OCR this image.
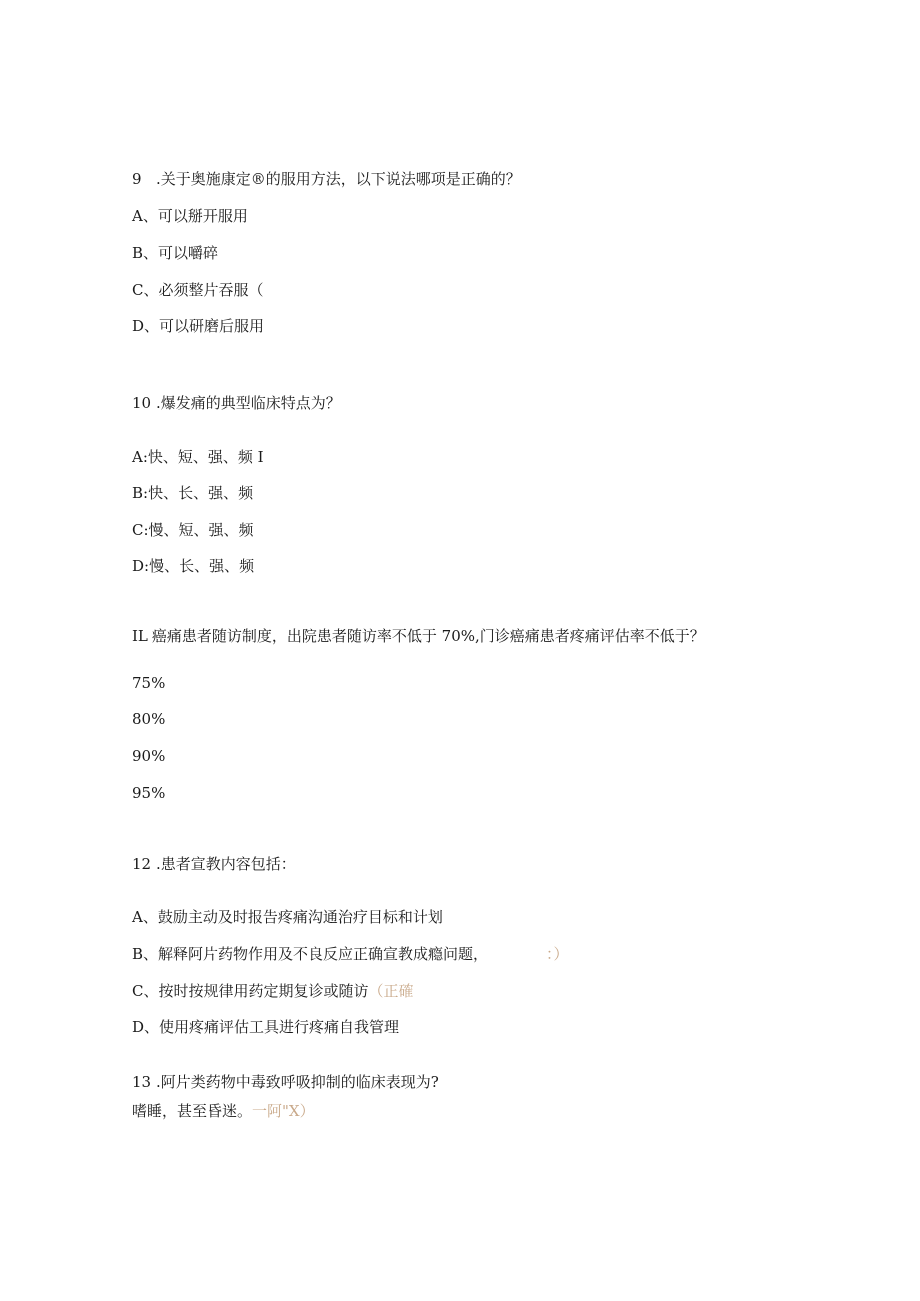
9 .关于奥施康定®的服用方法，以下说法哪项是正确的？
A、可以掰开服用
B、可以嚼碎
C、必须整片吞服（
D、可以研磨后服用
10 .爆发痛的典型临床特点为？
A:快、短、强、频 I
B:快、长、强、频
C:慢、短、强、频
D:慢、长、强、频
IL 癌痛患者随访制度，出院患者随访率不低于 70%,门诊癌痛患者疼痛评估率不低于？
75%
80%
90%
95%
12 .患者宣教内容包括：
A、鼓励主动及时报告疼痛沟通治疗目标和计划
B、解释阿片药物作用及不良反应正确宣教成瘾问题，	：）
C、按时按规律用药定期复诊或随访（正確
D、使用疼痛评估工具进行疼痛自我管理
13 .阿片类药物中毒致呼吸抑制的临床表现为?
嗜睡，甚至昏迷。一阿"X）
